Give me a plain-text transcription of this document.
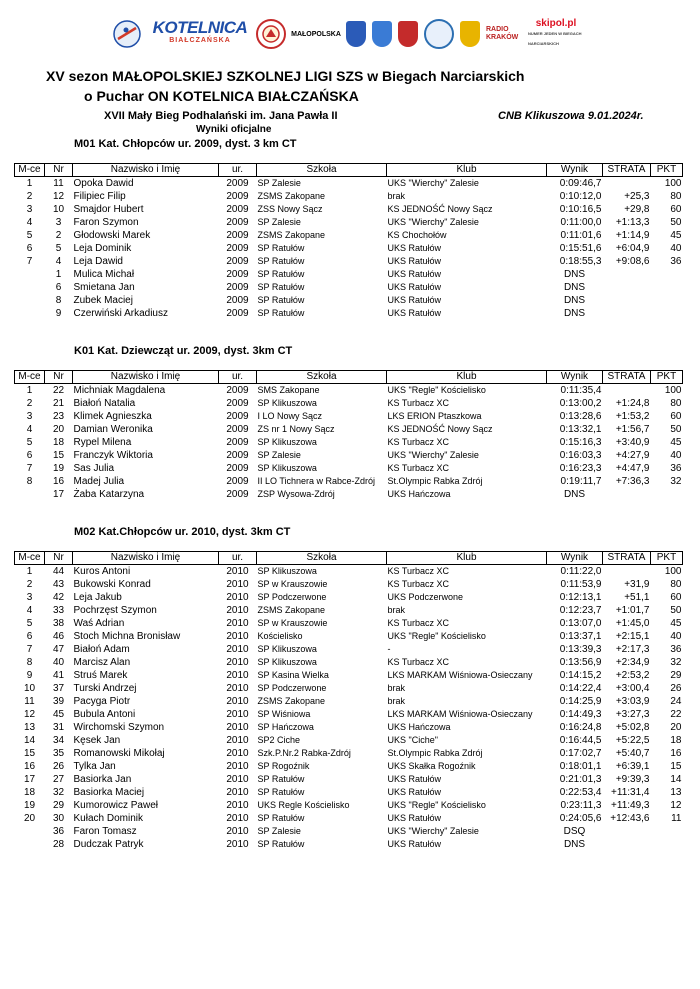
KOTELNICA
BIAŁCZAŃSKA
MAŁOPOLSKA
RADIO KRAKÓW
skipol.pl
NUMER JEDEN W BIEGACH NARCIARSKICH
XV sezon MAŁOPOLSKIEJ SZKOLNEJ LIGI SZS w Biegach Narciarskich
o Puchar ON KOTELNICA BIAŁCZAŃSKA
XVII Mały Bieg Podhalański im. Jana Pawła II	CNB Klikuszowa 9.01.2024r.
Wyniki oficjalne
M01 Kat. Chłopców ur. 2009, dyst. 3 km CT
M-ce	Nr	Nazwisko i Imię	ur.	Szkoła	Klub	Wynik	STRATA	PKT
1	11	Opoka Dawid	2009	SP Zalesie	UKS "Wierchy" Zalesie	0:09:46,7		100
2	12	Filipiec Filip	2009	ZSMS Zakopane	brak	0:10:12,0	+25,3	80
3	10	Smajdor Hubert	2009	ZSS Nowy Sącz	KS JEDNOŚĆ Nowy Sącz	0:10:16,5	+29,8	60
4	3	Faron Szymon	2009	SP Zalesie	UKS "Wierchy" Zalesie	0:11:00,0	+1:13,3	50
5	2	Głodowski Marek	2009	ZSMS Zakopane	KS Chochołów	0:11:01,6	+1:14,9	45
6	5	Leja Dominik	2009	SP Ratułów	UKS Ratułów	0:15:51,6	+6:04,9	40
7	4	Leja Dawid	2009	SP Ratułów	UKS Ratułów	0:18:55,3	+9:08,6	36
	1	Mulica Michał	2009	SP Ratułów	UKS Ratułów	DNS		
	6	Smietana Jan	2009	SP Ratułów	UKS Ratułów	DNS		
	8	Zubek Maciej	2009	SP Ratułów	UKS Ratułów	DNS		
	9	Czerwiński Arkadiusz	2009	SP Ratułów	UKS Ratułów	DNS		
K01 Kat. Dziewcząt ur. 2009, dyst. 3km CT
M-ce	Nr	Nazwisko i Imię	ur.	Szkoła	Klub	Wynik	STRATA	PKT
1	22	Michniak Magdalena	2009	SMS Zakopane	UKS "Regle" Kościelisko	0:11:35,4		100
2	21	Białoń Natalia	2009	SP Klikuszowa	KS Turbacz XC	0:13:00,2	+1:24,8	80
3	23	Klimek Agnieszka	2009	I LO Nowy Sącz	LKS ERION Ptaszkowa	0:13:28,6	+1:53,2	60
4	20	Damian Weronika	2009	ZS nr 1 Nowy Sącz	KS JEDNOŚĆ Nowy Sącz	0:13:32,1	+1:56,7	50
5	18	Rypel Milena	2009	SP Klikuszowa	KS Turbacz XC	0:15:16,3	+3:40,9	45
6	15	Franczyk Wiktoria	2009	SP Zalesie	UKS "Wierchy" Zalesie	0:16:03,3	+4:27,9	40
7	19	Sas Julia	2009	SP Klikuszowa	KS Turbacz XC	0:16:23,3	+4:47,9	36
8	16	Madej Julia	2009	II LO Tichnera w Rabce-Zdrój	St.Olympic Rabka Zdrój	0:19:11,7	+7:36,3	32
	17	Żaba Katarzyna	2009	ZSP Wysowa-Zdrój	UKS Hańczowa	DNS		
M02 Kat.Chłopców ur. 2010, dyst. 3km CT
M-ce	Nr	Nazwisko i Imię	ur.	Szkoła	Klub	Wynik	STRATA	PKT
1	44	Kuros Antoni	2010	SP Klikuszowa	KS Turbacz XC	0:11:22,0		100
2	43	Bukowski Konrad	2010	SP w Krauszowie	KS Turbacz XC	0:11:53,9	+31,9	80
3	42	Leja Jakub	2010	SP Podczerwone	UKS Podczerwone	0:12:13,1	+51,1	60
4	33	Pochrzęst Szymon	2010	ZSMS Zakopane	brak	0:12:23,7	+1:01,7	50
5	38	Waś Adrian	2010	SP w Krauszowie	KS Turbacz XC	0:13:07,0	+1:45,0	45
6	46	Stoch Michna Bronisław	2010	Kościelisko	UKS "Regle" Kościelisko	0:13:37,1	+2:15,1	40
7	47	Białoń Adam	2010	SP Klikuszowa	-	0:13:39,3	+2:17,3	36
8	40	Marcisz Alan	2010	SP Klikuszowa	KS Turbacz XC	0:13:56,9	+2:34,9	32
9	41	Struś Marek	2010	SP Kasina Wielka	LKS MARKAM Wiśniowa-Osieczany	0:14:15,2	+2:53,2	29
10	37	Turski Andrzej	2010	SP Podczerwone	brak	0:14:22,4	+3:00,4	26
11	39	Pacyga Piotr	2010	ZSMS Zakopane	brak	0:14:25,9	+3:03,9	24
12	45	Bubula Antoni	2010	SP Wiśniowa	LKS MARKAM Wiśniowa-Osieczany	0:14:49,3	+3:27,3	22
13	31	Wirchomski Szymon	2010	SP Hańczowa	UKS Hańczowa	0:16:24,8	+5:02,8	20
14	34	Kęsek Jan	2010	SP2 Ciche	UKS "Ciche"	0:16:44,5	+5:22,5	18
15	35	Romanowski Mikołaj	2010	Szk.P.Nr.2 Rabka-Zdrój	St.Olympic Rabka Zdrój	0:17:02,7	+5:40,7	16
16	26	Tylka Jan	2010	SP Rogoźnik	UKS Skałka Rogoźnik	0:18:01,1	+6:39,1	15
17	27	Basiorka Jan	2010	SP Ratułów	UKS Ratułów	0:21:01,3	+9:39,3	14
18	32	Basiorka Maciej	2010	SP Ratułów	UKS Ratułów	0:22:53,4	+11:31,4	13
19	29	Kumorowicz Paweł	2010	UKS Regle Kościelisko	UKS "Regle" Kościelisko	0:23:11,3	+11:49,3	12
20	30	Kułach Dominik	2010	SP Ratułów	UKS Ratułów	0:24:05,6	+12:43,6	11
	36	Faron Tomasz	2010	SP Zalesie	UKS "Wierchy" Zalesie	DSQ		
	28	Dudczak Patryk	2010	SP Ratułów	UKS Ratułów	DNS		
